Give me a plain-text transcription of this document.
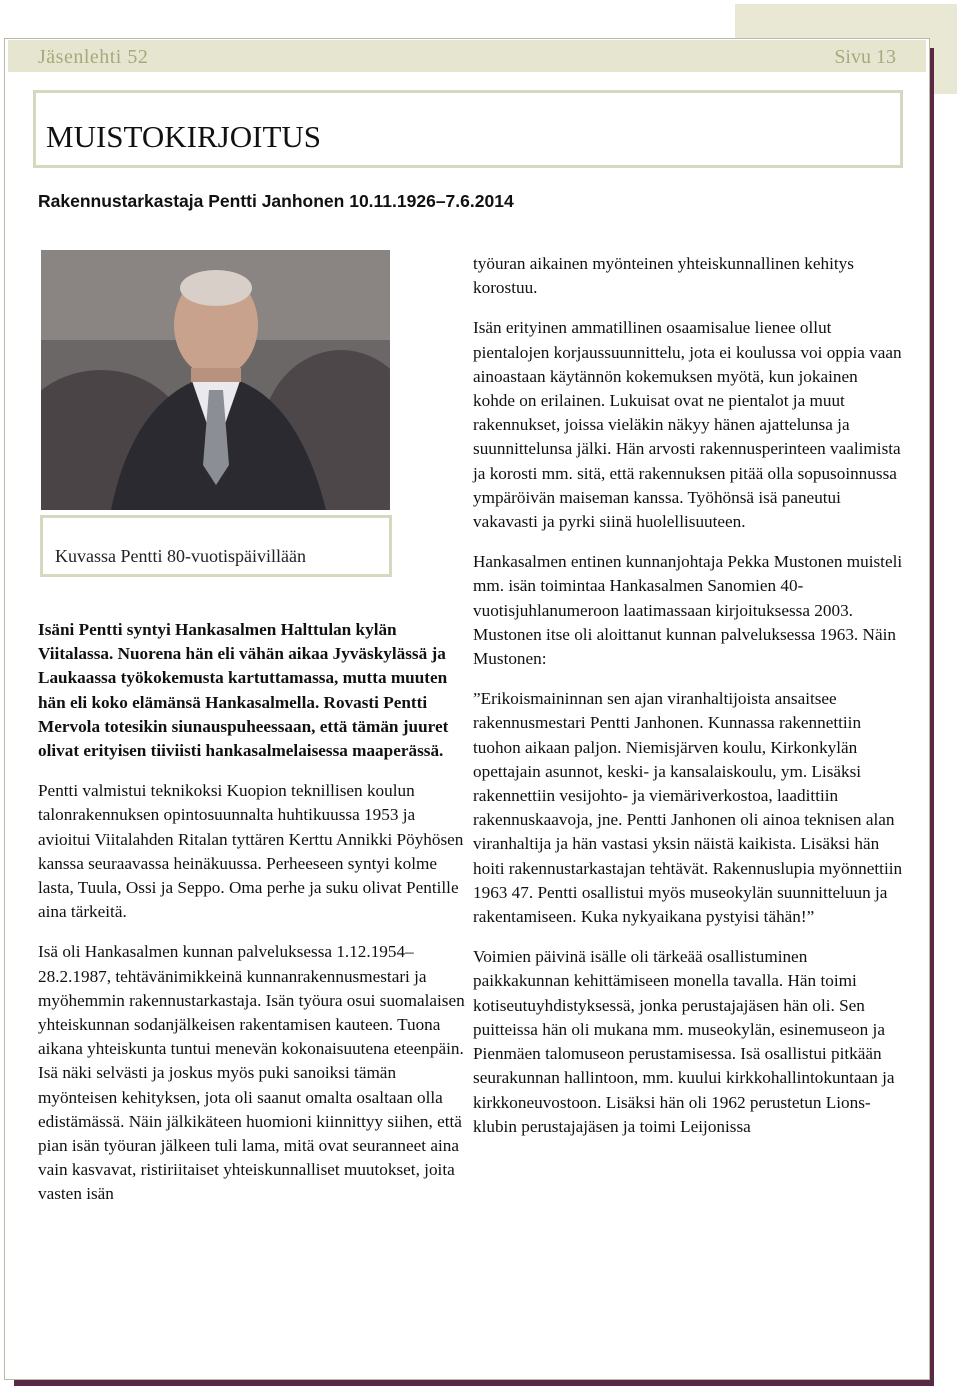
Jäsenlehti 52	Sivu 13
MUISTOKIRJOITUS
Rakennustarkastaja Pentti Janhonen 10.11.1926–7.6.2014
Kuvassa Pentti 80-vuotispäivillään

Isäni Pentti syntyi Hankasalmen Halttulan kylän Viitalassa. Nuorena hän eli vähän aikaa Jyväskylässä ja Laukaassa työkokemusta kartuttamassa, mutta muuten hän eli koko elämänsä Hankasalmella. Rovasti Pentti Mervola totesikin siunauspuheessaan, että tämän juuret olivat erityisen tiiviisti hankasalmelaisessa maaperässä.

Pentti valmistui teknikoksi Kuopion teknillisen koulun talonrakennuksen opintosuunnalta huhtikuussa 1953 ja avioitui Viitalahden Ritalan tyttären Kerttu Annikki Pöyhösen kanssa seuraavassa heinäkuussa. Perheeseen syntyi kolme lasta, Tuula, Ossi ja Seppo. Oma perhe ja suku olivat Pentille aina tärkeitä.

Isä oli Hankasalmen kunnan palveluksessa 1.12.1954–28.2.1987, tehtävänimikkeinä kunnanrakennusmestari ja myöhemmin rakennustarkastaja. Isän työura osui suomalaisen yhteiskunnan sodanjälkeisen rakentamisen kauteen. Tuona aikana yhteiskunta tuntui menevän kokonaisuutena eteenpäin. Isä näki selvästi ja joskus myös puki sanoiksi tämän myönteisen kehityksen, jota oli saanut omalta osaltaan olla edistämässä. Näin jälkikäteen huomioni kiinnittyy siihen, että pian isän työuran jälkeen tuli lama, mitä ovat seuranneet aina vain kasvavat, ristiriitaiset yhteiskunnalliset muutokset, joita vasten isän

työuran aikainen myönteinen yhteiskunnallinen kehitys korostuu.

Isän erityinen ammatillinen osaamisalue lienee ollut pientalojen korjaussuunnittelu, jota ei koulussa voi oppia vaan ainoastaan käytännön kokemuksen myötä, kun jokainen kohde on erilainen. Lukuisat ovat ne pientalot ja muut rakennukset, joissa vieläkin näkyy hänen ajattelunsa ja suunnittelunsa jälki. Hän arvosti rakennusperinteen vaalimista ja korosti mm. sitä, että rakennuksen pitää olla sopusoinnussa ympäröivän maiseman kanssa. Työhönsä isä paneutui vakavasti ja pyrki siinä huolellisuuteen.

Hankasalmen entinen kunnanjohtaja Pekka Mustonen muisteli mm. isän toimintaa Hankasalmen Sanomien 40-vuotisjuhlanumeroon laatimassaan kirjoituksessa 2003. Mustonen itse oli aloittanut kunnan palveluksessa 1963. Näin Mustonen:

”Erikoismaininnan sen ajan viranhaltijoista ansaitsee rakennusmestari Pentti Janhonen. Kunnassa rakennettiin tuohon aikaan paljon. Niemisjärven koulu, Kirkonkylän opettajain asunnot, keski- ja kansalaiskoulu, ym. Lisäksi rakennettiin vesijohto- ja viemäriverkostoa, laadittiin rakennuskaavoja, jne. Pentti Janhonen oli ainoa teknisen alan viranhaltija ja hän vastasi yksin näistä kaikista. Lisäksi hän hoiti rakennustarkastajan tehtävät. Rakennuslupia myönnettiin 1963 47. Pentti osallistui myös museokylän suunnitteluun ja rakentamiseen. Kuka nykyaikana pystyisi tähän!”

Voimien päivinä isälle oli tärkeää osallistuminen paikkakunnan kehittämiseen monella tavalla. Hän toimi kotiseutuyhdistyksessä, jonka perustajajäsen hän oli. Sen puitteissa hän oli mukana mm. museokylän, esinemuseon ja Pienmäen talomuseon perustamisessa. Isä osallistui pitkään seurakunnan hallintoon, mm. kuului kirkkohallintokuntaan ja kirkkoneuvostoon. Lisäksi hän oli 1962 perustetun Lions-klubin perustajajäsen ja toimi Leijonissa
